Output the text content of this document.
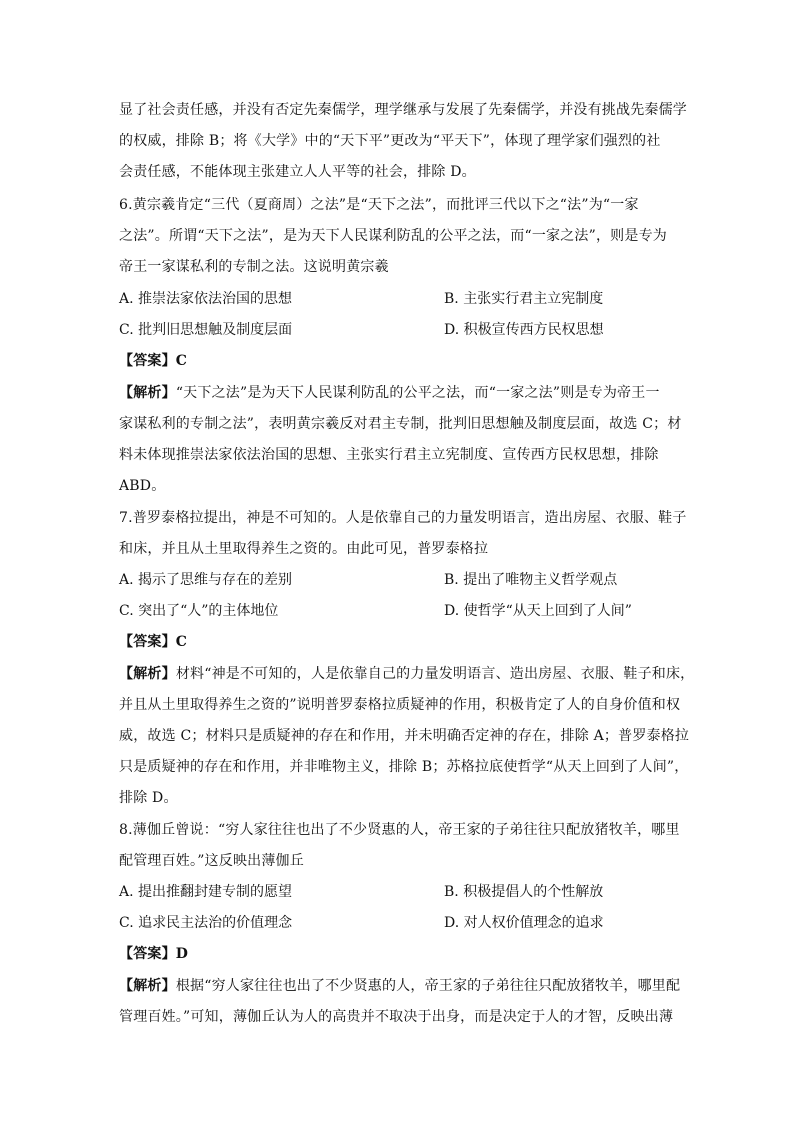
显了社会责任感，并没有否定先秦儒学，理学继承与发展了先秦儒学，并没有挑战先秦儒学
的权威，排除 B；将《大学》中的“天下平”更改为“平天下”，体现了理学家们强烈的社
会责任感，不能体现主张建立人人平等的社会，排除 D。
6.黄宗羲肯定“三代（夏商周）之法”是“天下之法”，而批评三代以下之“法”为“一家
之法”。所谓“天下之法”，是为天下人民谋利防乱的公平之法，而“一家之法”，则是专为
帝王一家谋私利的专制之法。这说明黄宗羲
A. 推崇法家依法治国的思想	B. 主张实行君主立宪制度
C. 批判旧思想触及制度层面	D. 积极宣传西方民权思想
【答案】C
【解析】“天下之法”是为天下人民谋利防乱的公平之法，而“一家之法”则是专为帝王一
家谋私利的专制之法”，表明黄宗羲反对君主专制，批判旧思想触及制度层面，故选 C；材
料未体现推崇法家依法治国的思想、主张实行君主立宪制度、宣传西方民权思想，排除
ABD。
7.普罗泰格拉提出，神是不可知的。人是依靠自己的力量发明语言，造出房屋、衣服、鞋子
和床，并且从土里取得养生之资的。由此可见，普罗泰格拉
A. 揭示了思维与存在的差别	B. 提出了唯物主义哲学观点
C. 突出了“人”的主体地位	D. 使哲学“从天上回到了人间”
【答案】C
【解析】材料“神是不可知的，人是依靠自己的力量发明语言、造出房屋、衣服、鞋子和床，
并且从土里取得养生之资的”说明普罗泰格拉质疑神的作用，积极肯定了人的自身价值和权
威，故选 C；材料只是质疑神的存在和作用，并未明确否定神的存在，排除 A；普罗泰格拉
只是质疑神的存在和作用，并非唯物主义，排除 B；苏格拉底使哲学“从天上回到了人间”，
排除 D。
8.薄伽丘曾说：“穷人家往往也出了不少贤惠的人，帝王家的子弟往往只配放猪牧羊，哪里
配管理百姓。”这反映出薄伽丘
A. 提出推翻封建专制的愿望	B. 积极提倡人的个性解放
C. 追求民主法治的价值理念	D. 对人权价值理念的追求
【答案】D
【解析】根据“穷人家往往也出了不少贤惠的人，帝王家的子弟往往只配放猪牧羊，哪里配
管理百姓。”可知，薄伽丘认为人的高贵并不取决于出身，而是决定于人的才智，反映出薄
